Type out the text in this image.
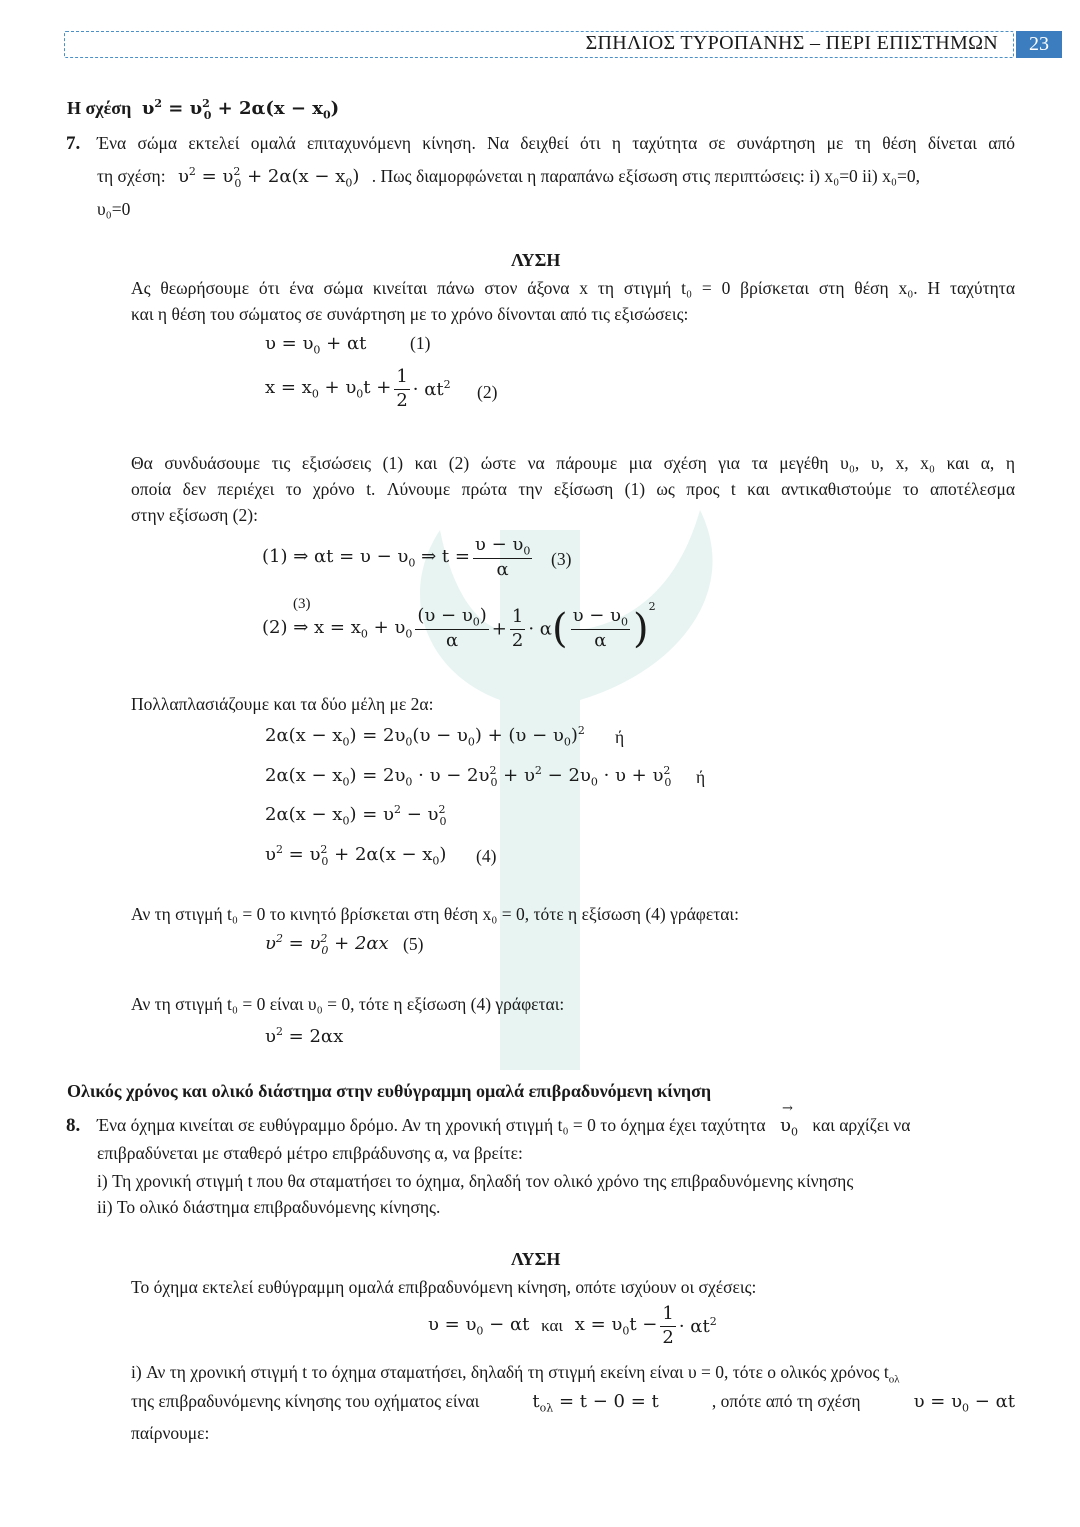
ΣΠΗΛΙΟΣ ΤΥΡΟΠΑΝΗΣ – ΠΕΡΙ ΕΠΙΣΤΗΜΩΝ	23
Η σχέση $\upsilon^2 = \upsilon^2_0 + 2\alpha(x - x_0)$
7. Ένα σώμα εκτελεί ομαλά επιταχυνόμενη κίνηση. Να δειχθεί ότι η ταχύτητα σε συνάρτηση με τη θέση δίνεται από
τη σχέση: $\upsilon^2 = \upsilon^2_0 + 2\alpha(x - x_0)$ . Πως διαμορφώνεται η παραπάνω εξίσωση στις περιπτώσεις: i) x₀=0 ii) x₀=0,
υ₀=0
ΛΥΣΗ
Ας θεωρήσουμε ότι ένα σώμα κινείται πάνω στον άξονα x τη στιγμή t₀ = 0 βρίσκεται στη θέση x₀. Η ταχύτητα
και η θέση του σώματος σε συνάρτηση με το χρόνο δίνονται από τις εξισώσεις:
$\upsilon = \upsilon_0 + \alpha t$ (1)
$x = x_0 + \upsilon_0t + \frac{1}{2} \cdot \alpha t^2$ (2)
Θα συνδυάσουμε τις εξισώσεις (1) και (2) ώστε να πάρουμε μια σχέση για τα μεγέθη υ₀, υ, x, x₀ και α, η
οποία δεν περιέχει το χρόνο t. Λύνουμε πρώτα την εξίσωση (1) ως προς t και αντικαθιστούμε το αποτέλεσμα
στην εξίσωση (2):
(1) ⇒ $\alpha t = \upsilon - \upsilon_0$ ⇒ $t = \frac{\upsilon - \upsilon_0}{\alpha} (3)$
(3)
(2) ⇒ $x = x_0 + \upsilon_0 \frac{(\upsilon - \upsilon_0)}{\alpha} + \frac{1}{2} \cdot \alpha( \frac{\upsilon - \upsilon_0}{\alpha} )^2$
Πολλαπλασιάζουμε και τα δύο μέλη με 2α:
$2\alpha(x - x_0) = 2\upsilon_0(\upsilon - \upsilon_0) + (\upsilon - \upsilon_0)^2$ ή
$2\alpha(x - x_0) = 2\upsilon_0 \cdot \upsilon - 2\upsilon^2_0 + \upsilon^2 - 2\upsilon_0 \cdot \upsilon + \upsilon^2_0$ ή
$2\alpha(x - x_0) = \upsilon^2 - \upsilon^2_0$
$\upsilon^2 = \upsilon^2_0 + 2\alpha(x - x_0)$ (4)
Αν τη στιγμή t₀ = 0 το κινητό βρίσκεται στη θέση x₀ = 0, τότε η εξίσωση (4) γράφεται:
$\upsilon^2 = \upsilon^2_0 + 2\alpha x$ (5)
Αν τη στιγμή t₀ = 0 είναι υ₀ = 0, τότε η εξίσωση (4) γράφεται:
$\upsilon^2 = 2\alpha x$
Ολικός χρόνος και ολικό διάστημα στην ευθύγραμμη ομαλά επιβραδυνόμενη κίνηση
8. Ένα όχημα κινείται σε ευθύγραμμο δρόμο. Αν τη χρονική στιγμή t₀ = 0 το όχημα έχει ταχύτητα
→
$\upsilon_0$ και αρχίζει να
επιβραδύνεται με σταθερό μέτρο επιβράδυνσης α, να βρείτε:
i) Τη χρονική στιγμή t που θα σταματήσει το όχημα, δηλαδή τον ολικό χρόνο της επιβραδυνόμενης κίνησης
ii) Το ολικό διάστημα επιβραδυνόμενης κίνησης.
ΛΥΣΗ
Το όχημα εκτελεί ευθύγραμμη ομαλά επιβραδυνόμενη κίνηση, οπότε ισχύουν οι σχέσεις:
$\upsilon = \upsilon_0 - \alpha t$ και $x = \upsilon_0t - \frac{1}{2} \cdot \alpha t^2$
i) Αν τη χρονική στιγμή t το όχημα σταματήσει, δηλαδή τη στιγμή εκείνη είναι υ = 0, τότε ο ολικός χρόνος $t_{o\lambda}$
της επιβραδυνόμενης κίνησης του οχήματος είναι	$t_{o\lambda} = t - 0 = t$	, οπότε από τη σχέση	$\upsilon = \upsilon_0 - \alpha t$
παίρνουμε:
